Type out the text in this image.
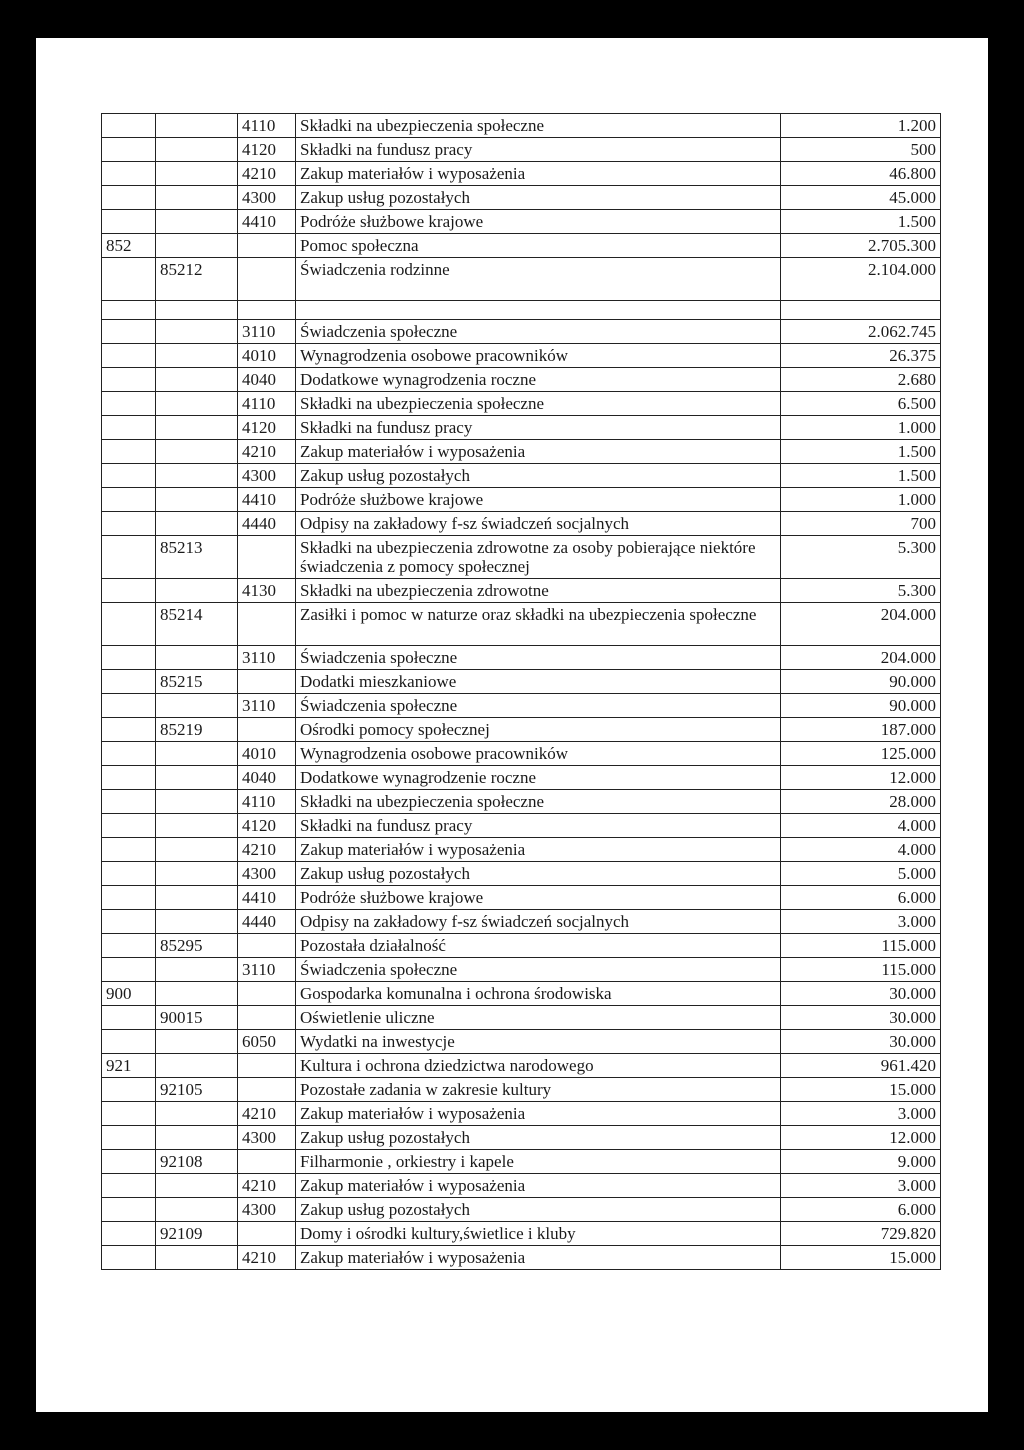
		4110	Składki na ubezpieczenia społeczne	1.200
		4120	Składki na fundusz pracy	500
		4210	Zakup materiałów i wyposażenia	46.800
		4300	Zakup usług pozostałych	45.000
		4410	Podróże służbowe krajowe	1.500
852			Pomoc społeczna	2.705.300
	85212		Świadczenia rodzinne	2.104.000

		3110	Świadczenia społeczne	2.062.745
		4010	Wynagrodzenia osobowe pracowników	26.375
		4040	Dodatkowe wynagrodzenia roczne	2.680
		4110	Składki na ubezpieczenia społeczne	6.500
		4120	Składki na fundusz pracy	1.000
		4210	Zakup materiałów i wyposażenia	1.500
		4300	Zakup usług pozostałych	1.500
		4410	Podróże służbowe krajowe	1.000
		4440	Odpisy na zakładowy f-sz świadczeń socjalnych	700
	85213		Składki na ubezpieczenia zdrowotne za osoby pobierające niektóre świadczenia z pomocy społecznej	5.300
		4130	Składki na ubezpieczenia zdrowotne	5.300
	85214		Zasiłki i pomoc w naturze oraz składki na ubezpieczenia społeczne	204.000
		3110	Świadczenia społeczne	204.000
	85215		Dodatki mieszkaniowe	90.000
		3110	Świadczenia społeczne	90.000
	85219		Ośrodki pomocy społecznej	187.000
		4010	Wynagrodzenia osobowe pracowników	125.000
		4040	Dodatkowe wynagrodzenie roczne	12.000
		4110	Składki na ubezpieczenia społeczne	28.000
		4120	Składki na fundusz pracy	4.000
		4210	Zakup materiałów i wyposażenia	4.000
		4300	Zakup usług pozostałych	5.000
		4410	Podróże służbowe krajowe	6.000
		4440	Odpisy na zakładowy f-sz świadczeń socjalnych	3.000
	85295		Pozostała działalność	115.000
		3110	Świadczenia społeczne	115.000
900			Gospodarka komunalna i ochrona środowiska	30.000
	90015		Oświetlenie uliczne	30.000
		6050	Wydatki na inwestycje	30.000
921			Kultura i ochrona dziedzictwa narodowego	961.420
	92105		Pozostałe zadania w zakresie kultury	15.000
		4210	Zakup materiałów i wyposażenia	3.000
		4300	Zakup usług pozostałych	12.000
	92108		Filharmonie , orkiestry i kapele	9.000
		4210	Zakup materiałów i wyposażenia	3.000
		4300	Zakup usług pozostałych	6.000
	92109		Domy i ośrodki kultury,świetlice i kluby	729.820
		4210	Zakup materiałów i wyposażenia	15.000
